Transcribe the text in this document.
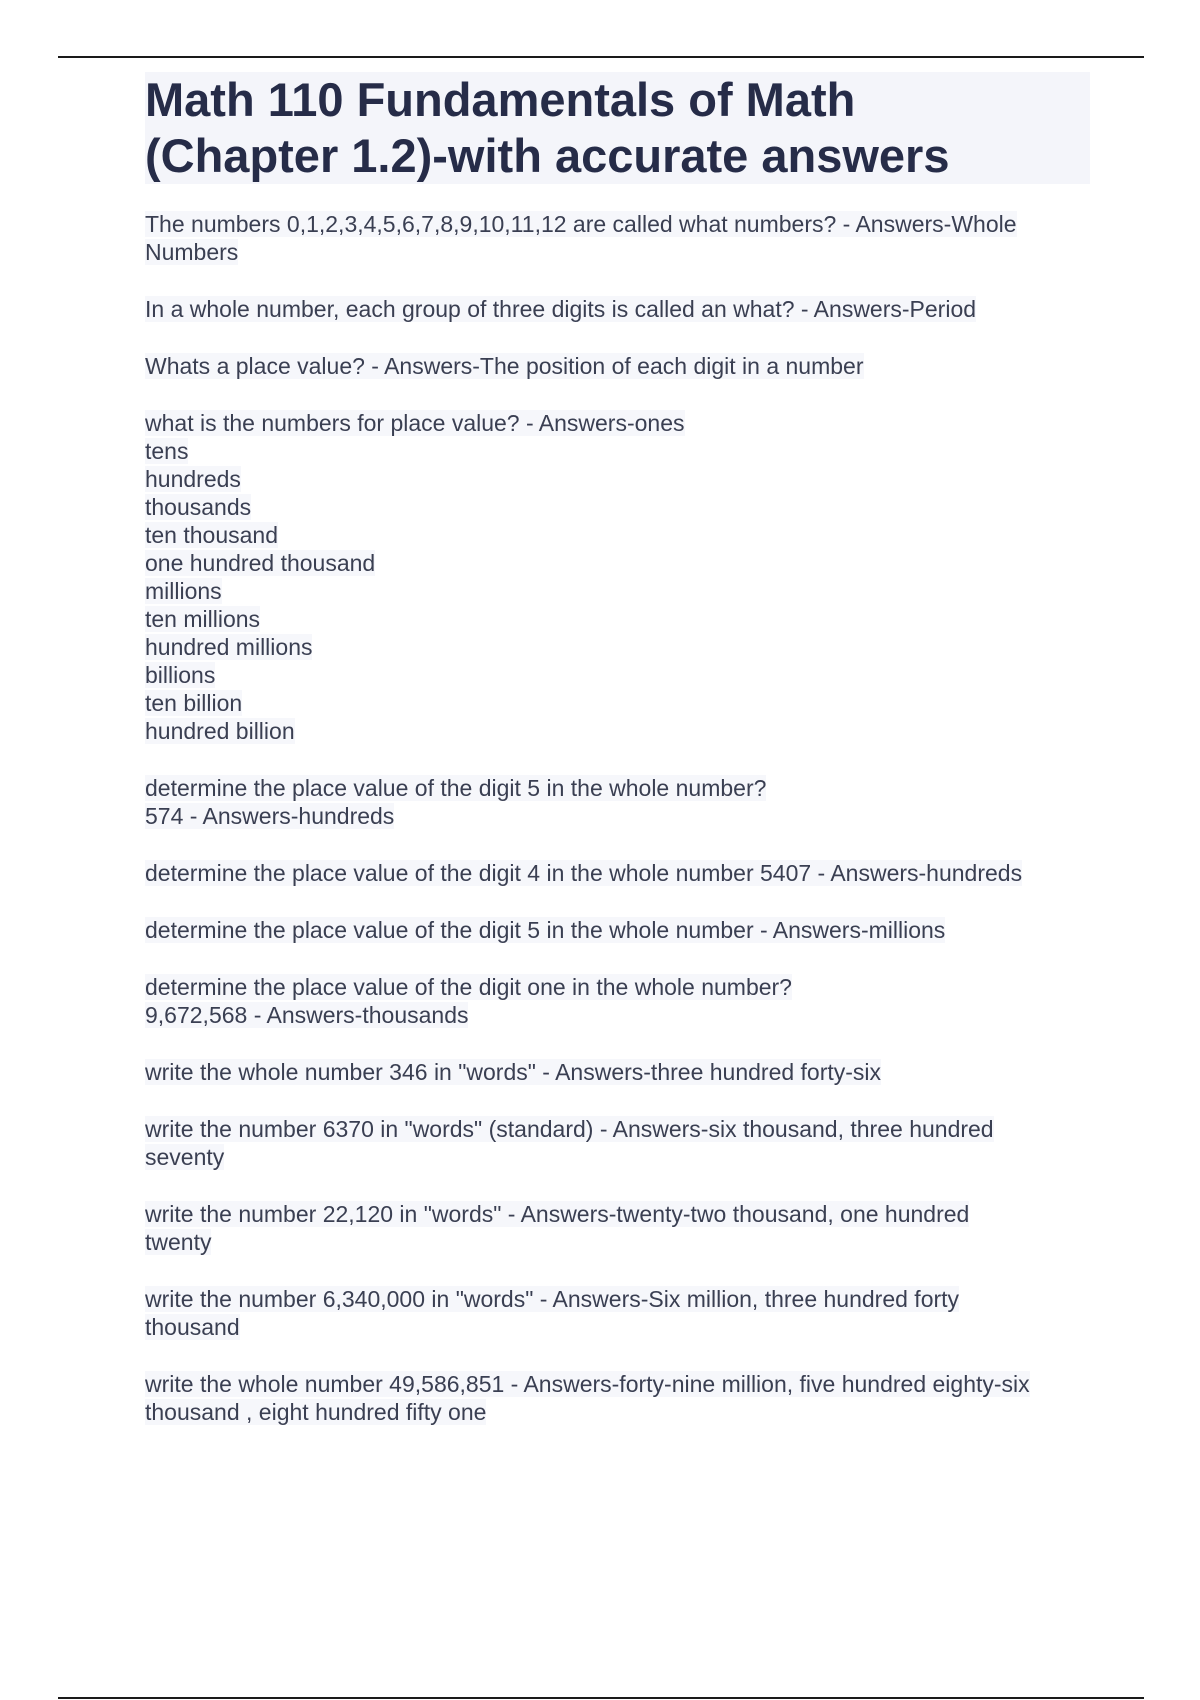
Math 110 Fundamentals of Math
(Chapter 1.2)-with accurate answers

The numbers 0,1,2,3,4,5,6,7,8,9,10,11,12 are called what numbers? - Answers-Whole
Numbers

In a whole number, each group of three digits is called an what? - Answers-Period

Whats a place value? - Answers-The position of each digit in a number

what is the numbers for place value? - Answers-ones
tens
hundreds
thousands
ten thousand
one hundred thousand
millions
ten millions
hundred millions
billions
ten billion
hundred billion

determine the place value of the digit 5 in the whole number?
574 - Answers-hundreds

determine the place value of the digit 4 in the whole number 5407 - Answers-hundreds

determine the place value of the digit 5 in the whole number - Answers-millions

determine the place value of the digit one in the whole number?
9,672,568 - Answers-thousands

write the whole number 346 in "words" - Answers-three hundred forty-six

write the number 6370 in "words" (standard) - Answers-six thousand, three hundred
seventy

write the number 22,120 in "words" - Answers-twenty-two thousand, one hundred
twenty

write the number 6,340,000 in "words" - Answers-Six million, three hundred forty
thousand

write the whole number 49,586,851 - Answers-forty-nine million, five hundred eighty-six
thousand , eight hundred fifty one
